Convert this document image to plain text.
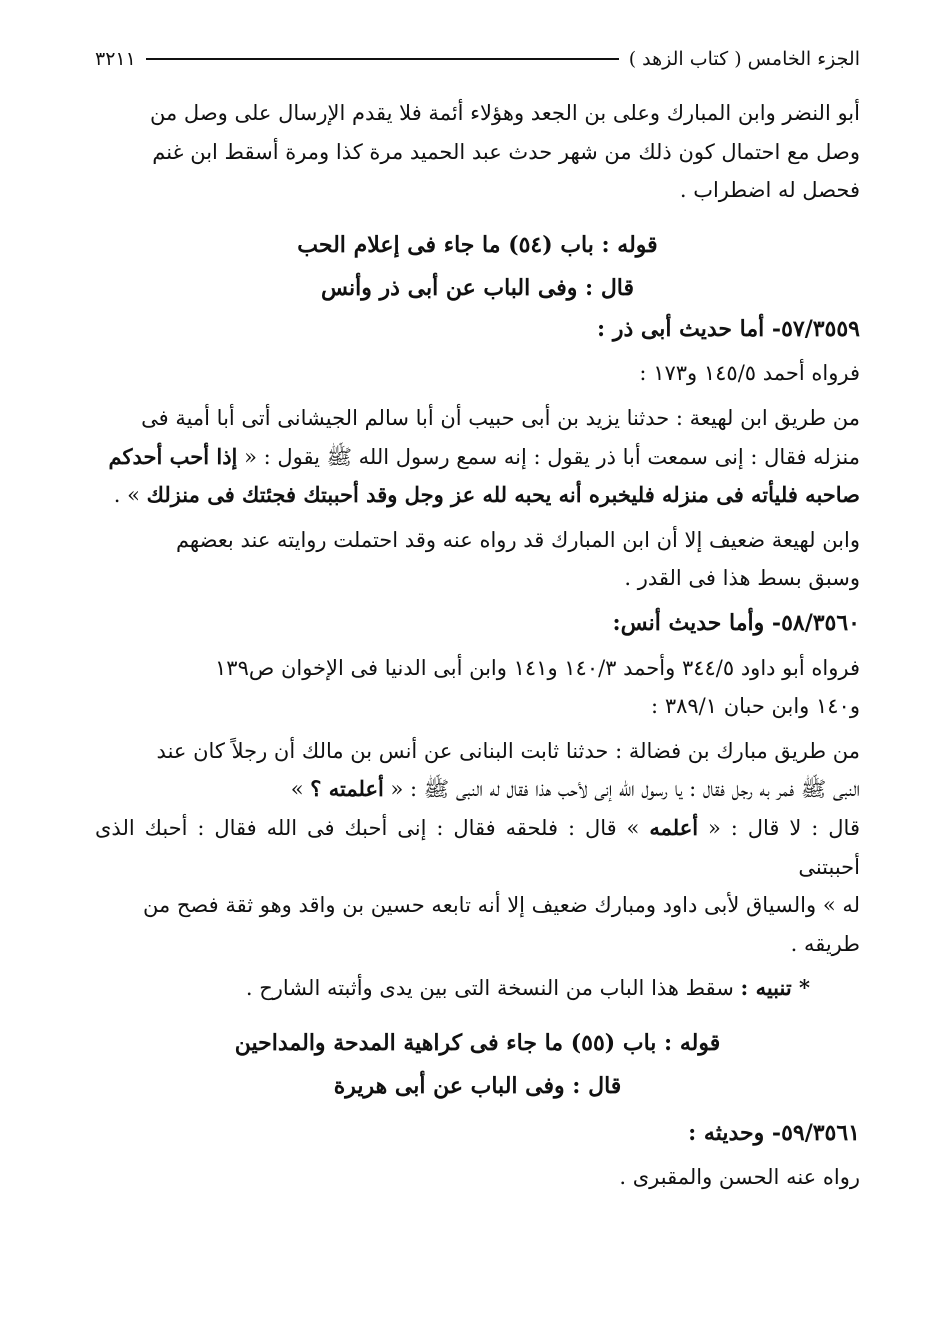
الجزء الخامس ( كتاب الزهد )
٣٢١١

أبو النضر وابن المبارك وعلى بن الجعد وهؤلاء أئمة فلا يقدم الإرسال على وصل من

وصل مع احتمال كون ذلك من شهر حدث عبد الحميد مرة كذا ومرة أسقط ابن غنم

فحصل له اضطراب .

قوله : باب (٥٤) ما جاء فى إعلام الحب

قال : وفى الباب عن أبى ذر وأنس

٥٧/٣٥٥٩- أما حديث أبى ذر :

فرواه أحمد ١٤٥/٥ و١٧٣ :

من طريق ابن لهيعة : حدثنا يزيد بن أبى حبيب أن أبا سالم الجيشانى أتى أبا أمية فى

منزله فقال : إنى سمعت أبا ذر يقول : إنه سمع رسول الله ﷺ يقول : « إذا أحب أحدكم

صاحبه فليأته فى منزله فليخبره أنه يحبه لله عز وجل وقد أحببتك فجئتك فى منزلك » .

وابن لهيعة ضعيف إلا أن ابن المبارك قد رواه عنه وقد احتملت روايته عند بعضهم

وسبق بسط هذا فى القدر .

٥٨/٣٥٦٠- وأما حديث أنس:

فرواه أبو داود ٣٤٤/٥ وأحمد ١٤٠/٣ و١٤١ وابن أبى الدنيا فى الإخوان ص١٣٩

و١٤٠ وابن حبان ٣٨٩/١ :

من طريق مبارك بن فضالة : حدثنا ثابت البنانى عن أنس بن مالك أن رجلاً كان عند

النبى ﷺ فمر به رجل فقال : يا رسول الله إنى لأحب هذا فقال له النبى ﷺ : « أعلمته ؟ »

قال : لا قال : « أعلمه » قال : فلحقه فقال : إنى أحبك فى الله فقال : أحبك الذى أحببتنى

له » والسياق لأبى داود ومبارك ضعيف إلا أنه تابعه حسين بن واقد وهو ثقة فصح من

طريقه .

* تنبيه : سقط هذا الباب من النسخة التى بين يدى وأثبته الشارح .

قوله : باب (٥٥) ما جاء فى كراهية المدحة والمداحين

قال : وفى الباب عن أبى هريرة

٥٩/٣٥٦١- وحديثه :

رواه عنه الحسن والمقبرى .
